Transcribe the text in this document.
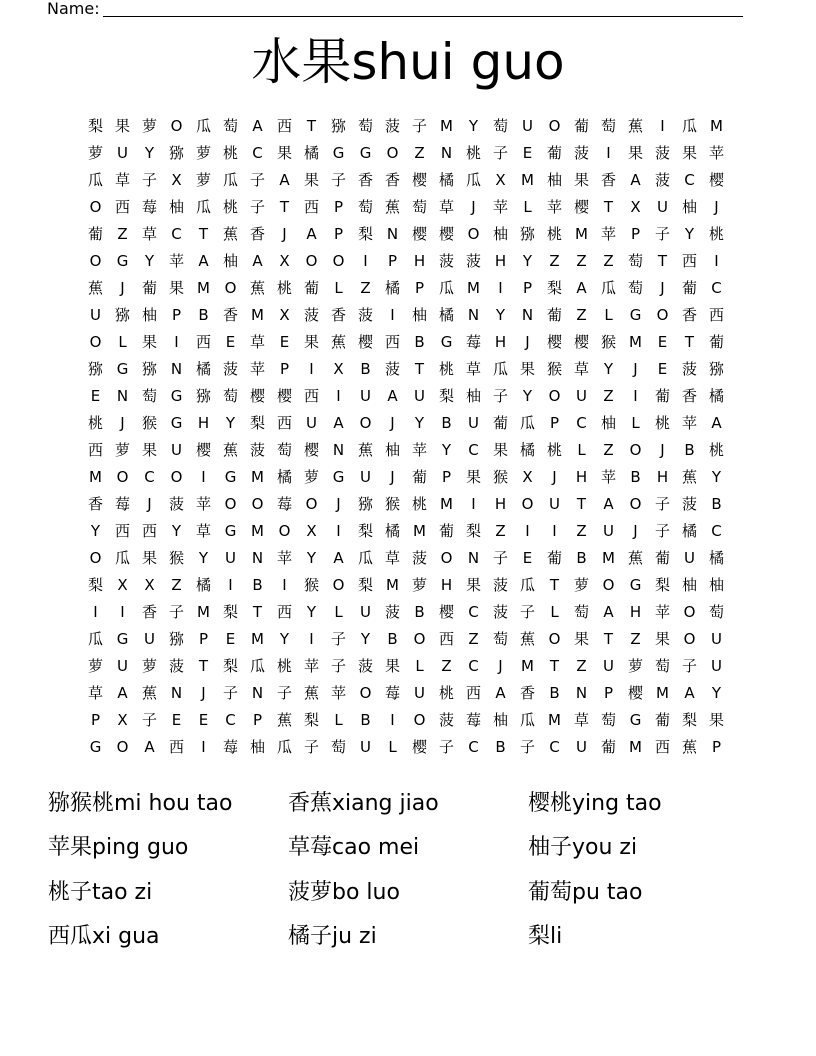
Name:
水果shui guo
梨 果 萝 O 瓜 萄 A 西 T 猕 萄 菠 子 M	Y 萄 U	O 葡 萄 蕉	I	瓜 M
萝 U	Y 猕 萝 桃 C 果 橘 G	G	O	Z	N 桃 子 E 葡 菠	I	果 菠 果 苹
瓜 草 子 X 萝 瓜 子 A 果 子 香 香 樱 橘 瓜 X	M 柚 果 香 A 菠 C 樱
O 西 莓 柚 瓜 桃 子 T 西 P 萄 蕉 萄 草	J	苹	L	苹 樱 T	X	U 柚	J
葡 Z 草 C	T 蕉 香	J	A	P 梨 N 樱 樱 O 柚 猕 桃 M 苹 P 子 Y 桃
O	G	Y 苹 A 柚 A	X	O	O	I	P	H 菠 菠 H	Y	Z	Z	Z 萄 T 西	I
蕉	J	葡 果 M O 蕉 桃 葡	L	Z 橘 P 瓜 M	I	P 梨 A 瓜 萄	J	葡 C
U 猕 柚 P	B 香 M	X 菠 香 菠	I	柚 橘 N	Y	N 葡 Z	L	G	O 香 西
O	L	果	I	西 E 草 E 果 蕉 樱 西 B	G 莓 H	J	樱 樱 猴 M	E	T 葡
猕 G 猕 N 橘 菠 苹 P	I	X	B 菠 T 桃 草 瓜 果 猴 草 Y	J	E 菠 猕
E	N 萄 G 猕 萄 樱 樱 西	I	U	A	U 梨 柚 子 Y	O	U	Z	I	葡 香 橘
桃	J	猴 G	H	Y 梨 西 U	A	O	J	Y	B	U 葡 瓜 P	C 柚	L	桃 苹 A
西 萝 果 U 樱 蕉 菠 萄 樱 N 蕉 柚 苹 Y	C 果 橘 桃	L	Z	O	J	B 桃
M O	C	O	I	G M 橘 萝 G	U	J	葡 P 果 猴 X	J	H 苹 B	H 蕉 Y
香 莓	J	菠 苹 O	O 莓 O	J	猕 猴 桃 M	I	H	O	U	T	A	O 子 菠 B
Y 西 西 Y 草 G M O	X	I	梨 橘 M 葡 梨 Z	I	I	Z	U	J	子 橘 C
O 瓜 果 猴 Y	U	N 苹 Y	A 瓜 草 菠 O	N 子 E 葡 B	M 蕉 葡 U 橘
梨 X	X	Z 橘	I	B	I	猴 O 梨 M 萝 H 果 菠 瓜 T 萝 O	G 梨 柚 柚
I	I	香 子 M 梨 T 西 Y	L	U 菠 B 樱 C 菠 子	L	萄 A	H 苹 O 萄
瓜 G	U 猕 P	E	M	Y	I	子 Y	B	O 西 Z 萄 蕉 O 果 T	Z 果 O	U
萝 U 萝 菠 T 梨 瓜 桃 苹 子 菠 果	L	Z	C	J	M	T	Z	U 萝 萄 子 U
草 A 蕉 N	J	子 N 子 蕉 苹 O 莓 U 桃 西 A 香 B	N	P 樱 M	A	Y
P	X 子 E	E	C	P 蕉 梨	L	B	I	O 菠 莓 柚 瓜 M 草 萄 G 葡 梨 果
G	O	A 西	I	莓 柚 瓜 子 萄 U	L	樱 子 C	B 子 C	U 葡 M 西 蕉 P
猕猴桃mi hou tao	香蕉xiang jiao	樱桃ying tao
苹果ping guo	草莓cao mei	柚子you zi
桃子tao zi	菠萝bo luo	葡萄pu tao
西瓜xi gua	橘子ju zi	梨li
